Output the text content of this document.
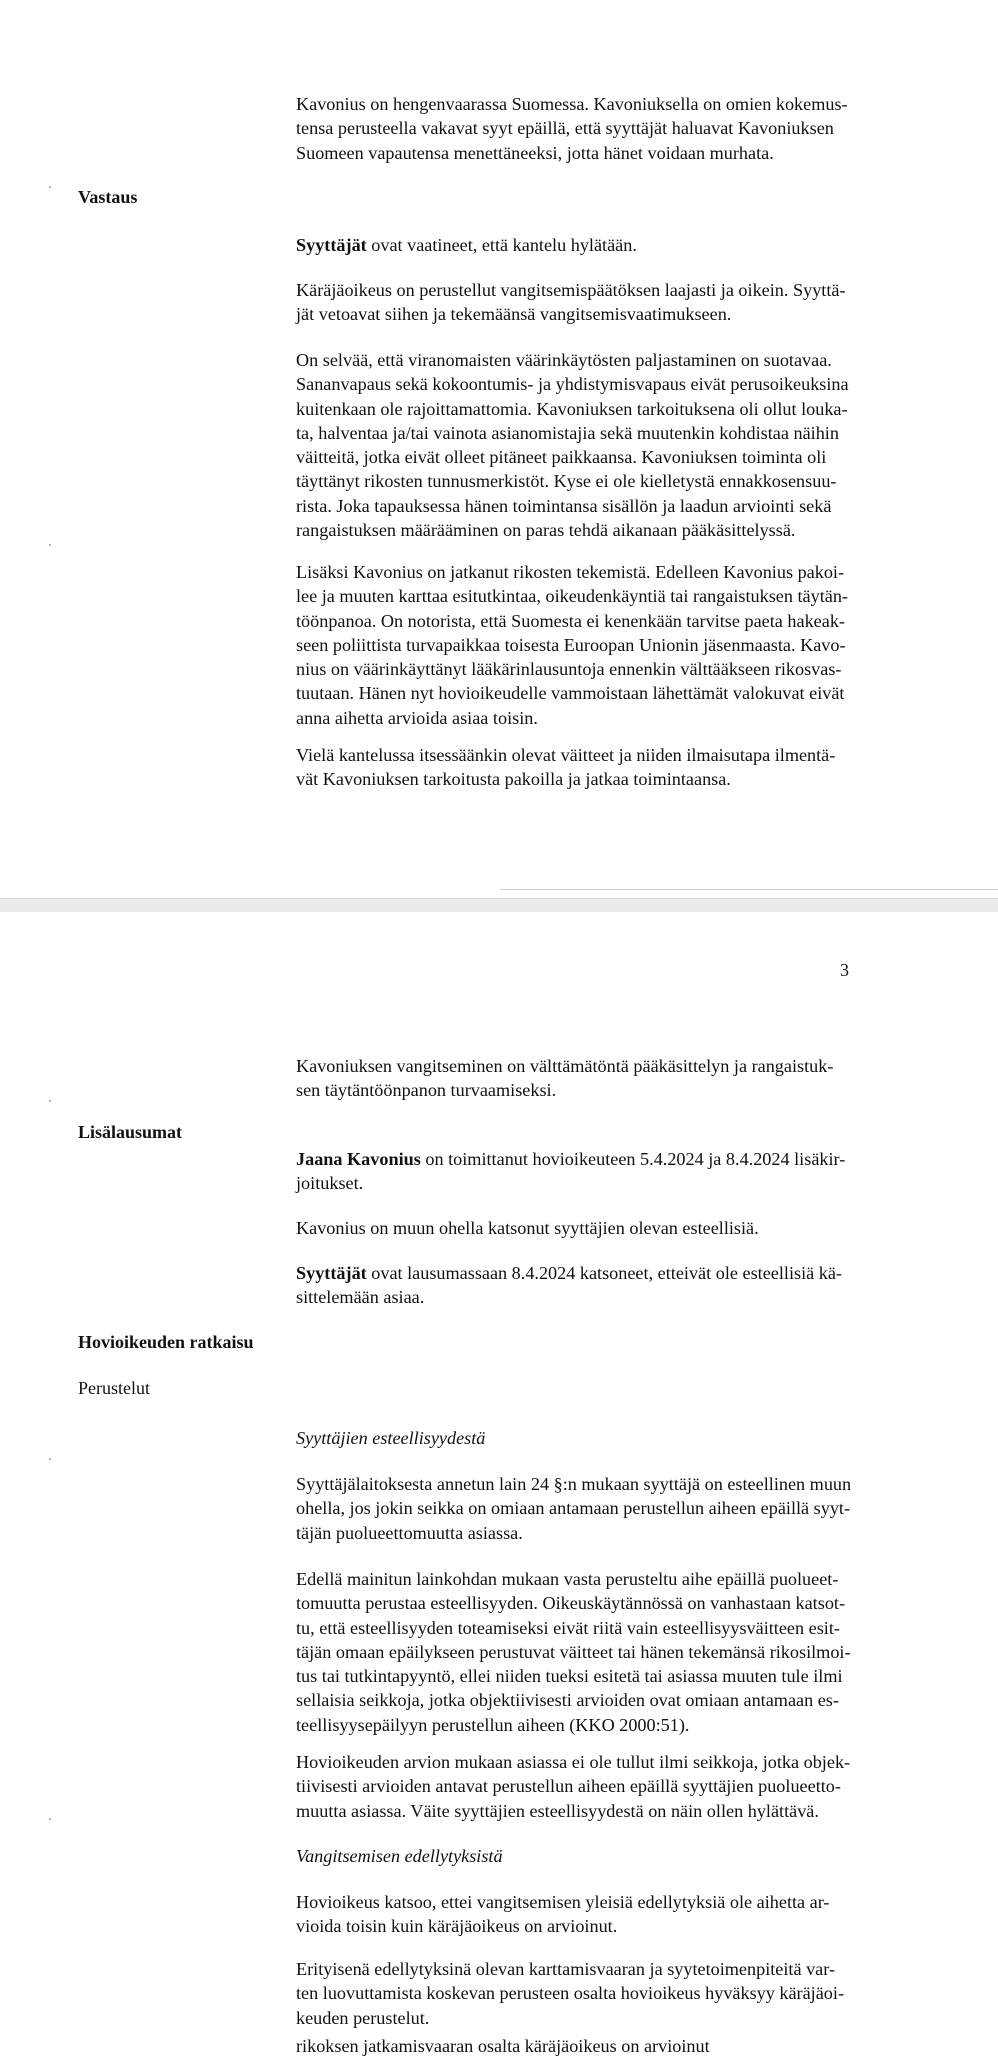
Kavonius on hengenvaarassa Suomessa. Kavoniuksella on omien kokemus-
tensa perusteella vakavat syyt epäillä, että syyttäjät haluavat Kavoniuksen
Suomeen vapautensa menettäneeksi, jotta hänet voidaan murhata.

Vastaus

Syyttäjät ovat vaatineet, että kantelu hylätään.

Käräjäoikeus on perustellut vangitsemispäätöksen laajasti ja oikein. Syyttä-
jät vetoavat siihen ja tekemäänsä vangitsemisvaatimukseen.

On selvää, että viranomaisten väärinkäytösten paljastaminen on suotavaa.
Sananvapaus sekä kokoontumis- ja yhdistymisvapaus eivät perusoikeuksina
kuitenkaan ole rajoittamattomia. Kavoniuksen tarkoituksena oli ollut louka-
ta, halventaa ja/tai vainota asianomistajia sekä muutenkin kohdistaa näihin
väitteitä, jotka eivät olleet pitäneet paikkaansa. Kavoniuksen toiminta oli
täyttänyt rikosten tunnusmerkistöt. Kyse ei ole kielletystä ennakkosensuu-
rista. Joka tapauksessa hänen toimintansa sisällön ja laadun arviointi sekä
rangaistuksen määrääminen on paras tehdä aikanaan pääkäsittelyssä.

Lisäksi Kavonius on jatkanut rikosten tekemistä. Edelleen Kavonius pakoi-
lee ja muuten karttaa esitutkintaa, oikeudenkäyntiä tai rangaistuksen täytän-
töönpanoa. On notorista, että Suomesta ei kenenkään tarvitse paeta hakeak-
seen poliittista turvapaikkaa toisesta Euroopan Unionin jäsenmaasta. Kavo-
nius on väärinkäyttänyt lääkärinlausuntoja ennenkin välttääkseen rikosvas-
tuutaan. Hänen nyt hovioikeudelle vammoistaan lähettämät valokuvat eivät
anna aihetta arvioida asiaa toisin.

Vielä kantelussa itsessäänkin olevat väitteet ja niiden ilmaisutapa ilmentä-
vät Kavoniuksen tarkoitusta pakoilla ja jatkaa toimintaansa.

3

Kavoniuksen vangitseminen on välttämätöntä pääkäsittelyn ja rangaistuk-
sen täytäntöönpanon turvaamiseksi.

Lisälausumat

Jaana Kavonius on toimittanut hovioikeuteen 5.4.2024 ja 8.4.2024 lisäkir-
joitukset.

Kavonius on muun ohella katsonut syyttäjien olevan esteellisiä.

Syyttäjät ovat lausumassaan 8.4.2024 katsoneet, etteivät ole esteellisiä kä-
sittelemään asiaa.

Hovioikeuden ratkaisu
Perustelut

Syyttäjien esteellisyydestä

Syyttäjälaitoksesta annetun lain 24 §:n mukaan syyttäjä on esteellinen muun
ohella, jos jokin seikka on omiaan antamaan perustellun aiheen epäillä syyt-
täjän puolueettomuutta asiassa.

Edellä mainitun lainkohdan mukaan vasta perusteltu aihe epäillä puolueet-
tomuutta perustaa esteellisyyden. Oikeuskäytännössä on vanhastaan katsot-
tu, että esteellisyyden toteamiseksi eivät riitä vain esteellisyysväitteen esit-
täjän omaan epäilykseen perustuvat väitteet tai hänen tekemänsä rikosilmoi-
tus tai tutkintapyyntö, ellei niiden tueksi esitetä tai asiassa muuten tule ilmi
sellaisia seikkoja, jotka objektiivisesti arvioiden ovat omiaan antamaan es-
teellisyysepäilyyn perustellun aiheen (KKO 2000:51).

Hovioikeuden arvion mukaan asiassa ei ole tullut ilmi seikkoja, jotka objek-
tiivisesti arvioiden antavat perustellun aiheen epäillä syyttäjien puolueetto-
muutta asiassa. Väite syyttäjien esteellisyydestä on näin ollen hylättävä.

Vangitsemisen edellytyksistä

Hovioikeus katsoo, ettei vangitsemisen yleisiä edellytyksiä ole aihetta ar-
vioida toisin kuin käräjäoikeus on arvioinut.

Erityisenä edellytyksinä olevan karttamisvaaran ja syytetoimenpiteitä var-
ten luovuttamista koskevan perusteen osalta hovioikeus hyväksyy käräjäoi-
keuden perustelut.

rikoksen jatkamisvaaran osalta käräjäoikeus on arvioinut
